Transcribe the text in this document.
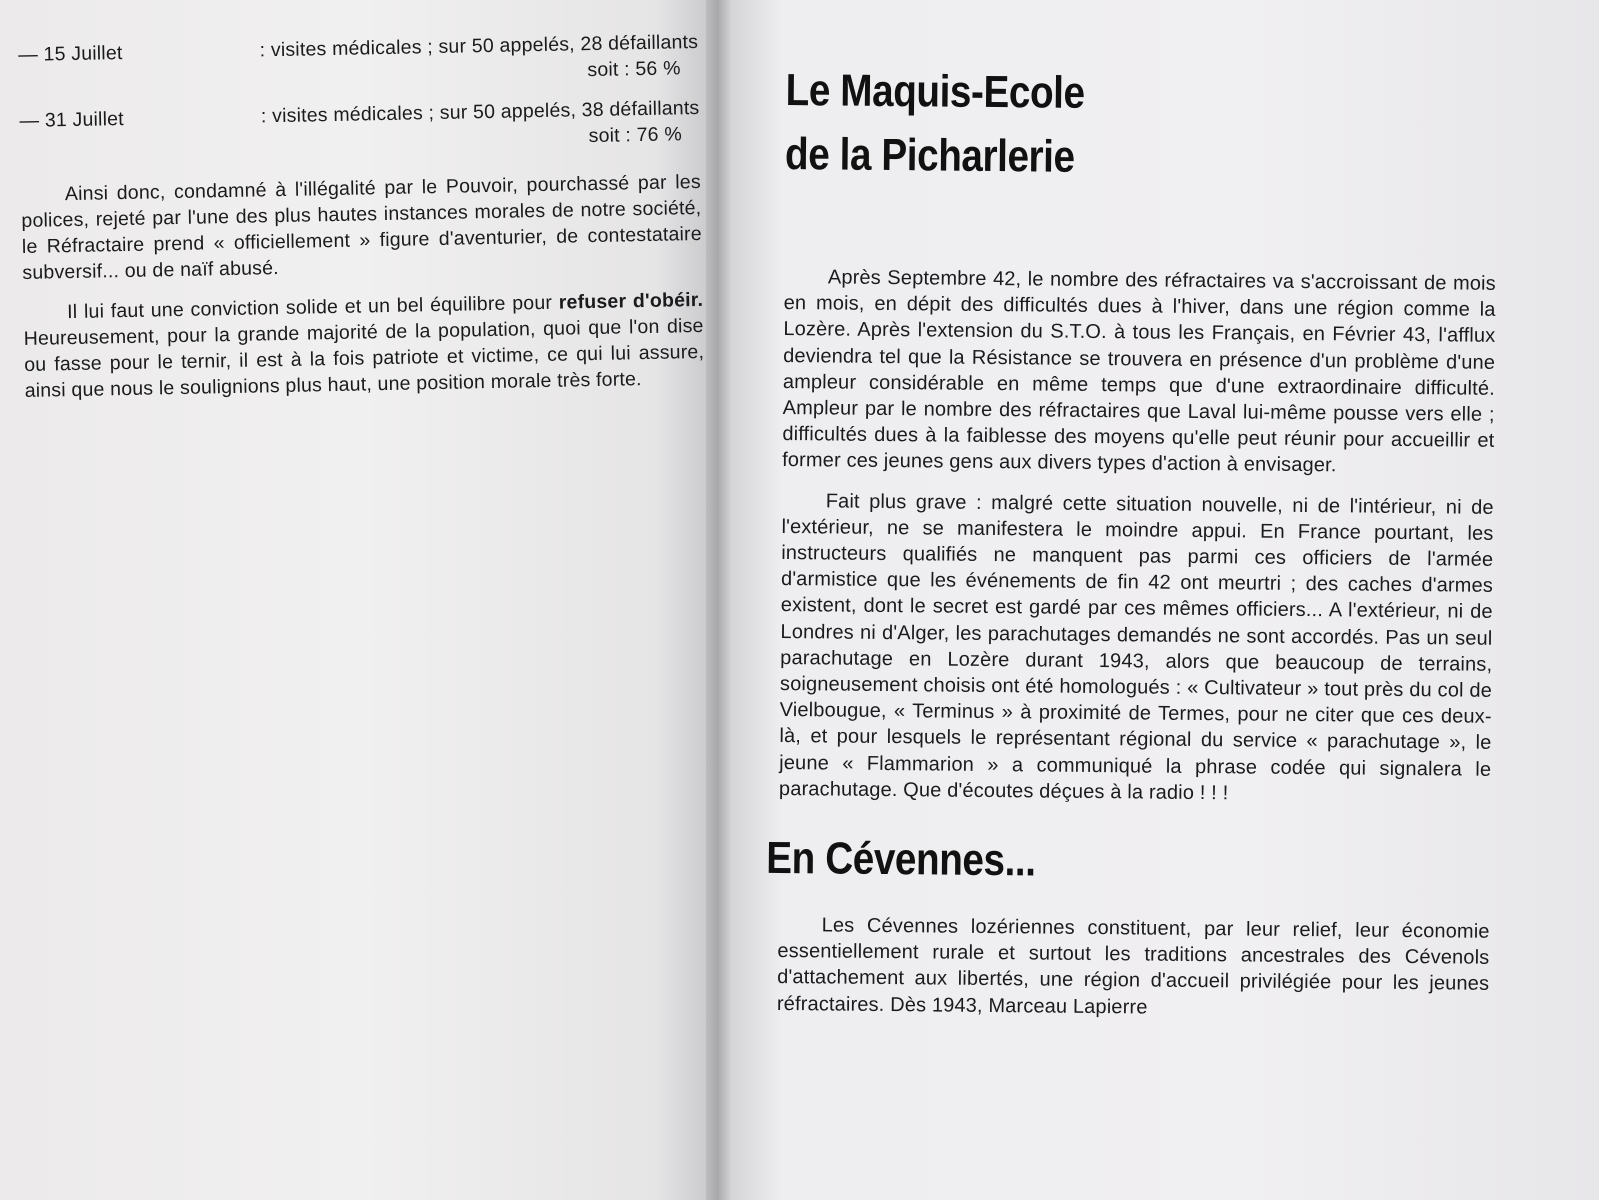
— 15 Juillet	: visites médicales ; sur 50 appelés, 28 défaillants
soit : 56 %
— 31 Juillet	: visites médicales ; sur 50 appelés, 38 défaillants
soit : 76 %

Ainsi donc, condamné à l'illégalité par le Pouvoir, pourchassé par les polices, rejeté par l'une des plus hautes instances morales de notre société, le Réfractaire prend « officiellement » figure d'aventurier, de contestataire subversif... ou de naïf abusé.

Il lui faut une conviction solide et un bel équilibre pour refuser d'obéir. Heureusement, pour la grande majorité de la population, quoi que l'on dise ou fasse pour le ternir, il est à la fois patriote et victime, ce qui lui assure, ainsi que nous le soulignions plus haut, une position morale très forte.

Le Maquis-Ecole
de la Picharlerie

Après Septembre 42, le nombre des réfractaires va s'accroissant de mois en mois, en dépit des difficultés dues à l'hiver, dans une région comme la Lozère. Après l'extension du S.T.O. à tous les Français, en Février 43, l'afflux deviendra tel que la Résistance se trouvera en présence d'un problème d'une ampleur considérable en même temps que d'une extraordinaire difficulté. Ampleur par le nombre des réfractaires que Laval lui-même pousse vers elle ; difficultés dues à la faiblesse des moyens qu'elle peut réunir pour accueillir et former ces jeunes gens aux divers types d'action à envisager.

Fait plus grave : malgré cette situation nouvelle, ni de l'intérieur, ni de l'extérieur, ne se manifestera le moindre appui. En France pourtant, les instructeurs qualifiés ne manquent pas parmi ces officiers de l'armée d'armistice que les événements de fin 42 ont meurtri ; des caches d'armes existent, dont le secret est gardé par ces mêmes officiers... A l'extérieur, ni de Londres ni d'Alger, les parachutages demandés ne sont accordés. Pas un seul parachutage en Lozère durant 1943, alors que beaucoup de terrains, soigneusement choisis ont été homologués : « Cultivateur » tout près du col de Vielbougue, « Terminus » à proximité de Termes, pour ne citer que ces deux-là, et pour lesquels le représentant régional du service « parachutage », le jeune « Flammarion » a communiqué la phrase codée qui signalera le parachutage. Que d'écoutes déçues à la radio ! ! !

En Cévennes...

Les Cévennes lozériennes constituent, par leur relief, leur économie essentiellement rurale et surtout les traditions ancestrales des Cévenols d'attachement aux libertés, une région d'accueil privilégiée pour les jeunes réfractaires. Dès 1943, Marceau Lapierre
